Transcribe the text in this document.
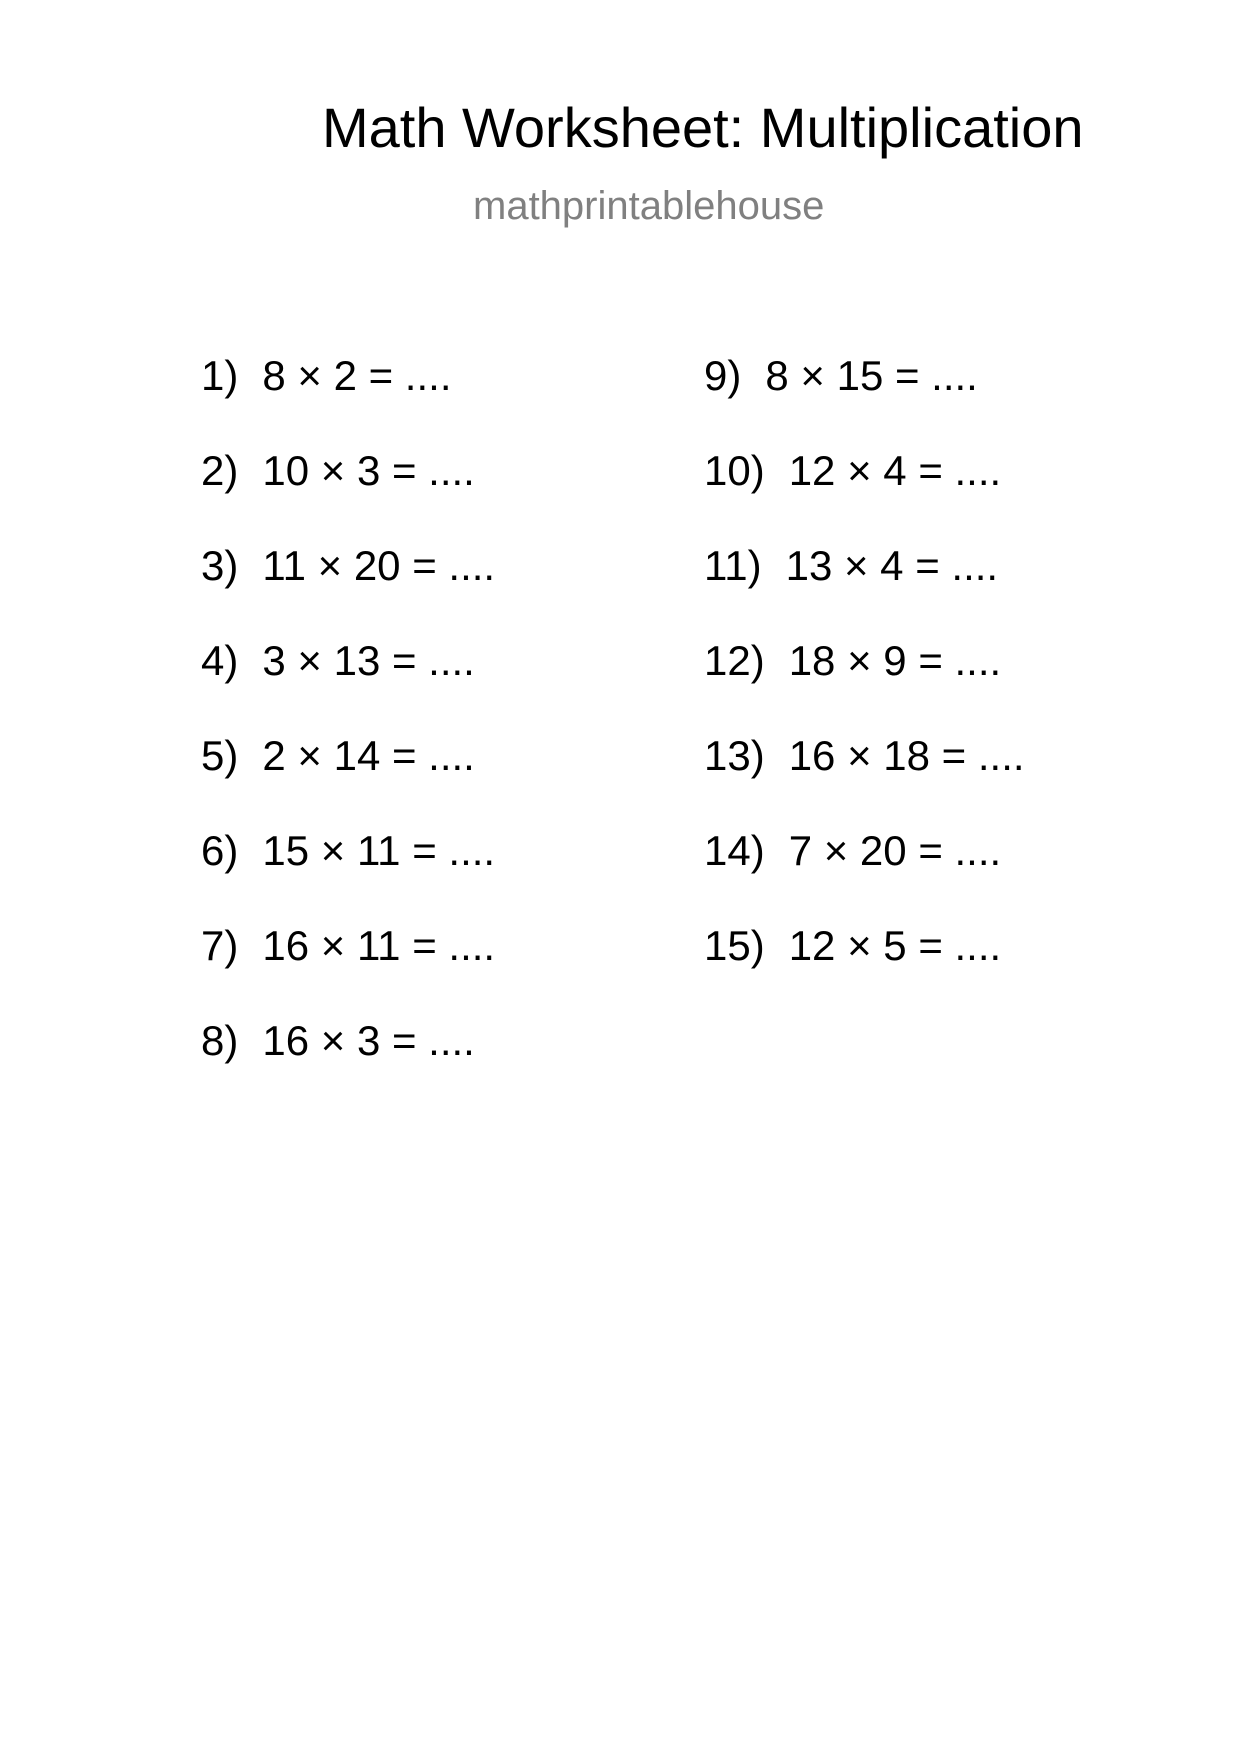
Math Worksheet: Multiplication
mathprintablehouse
1) 8 × 2 = ....
2) 10 × 3 = ....
3) 11 × 20 = ....
4) 3 × 13 = ....
5) 2 × 14 = ....
6) 15 × 11 = ....
7) 16 × 11 = ....
8) 16 × 3 = ....
9) 8 × 15 = ....
10) 12 × 4 = ....
11) 13 × 4 = ....
12) 18 × 9 = ....
13) 16 × 18 = ....
14) 7 × 20 = ....
15) 12 × 5 = ....
